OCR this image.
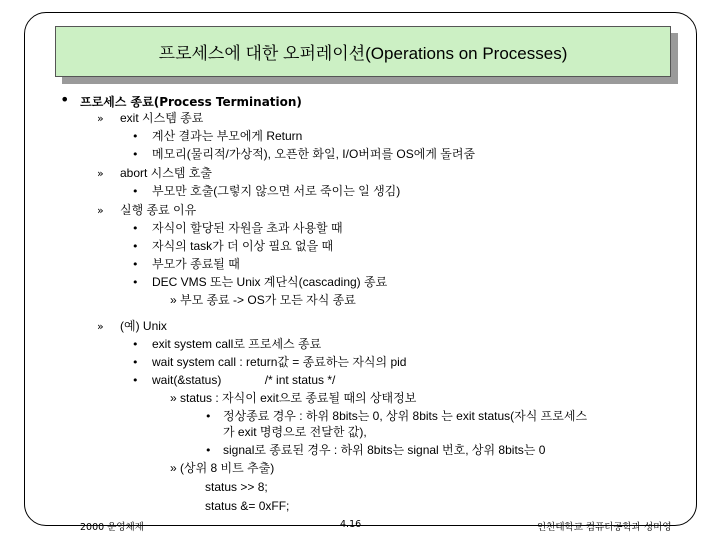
프로세스에 대한 오퍼레이션(Operations on Processes)
• 프로세스 종료(Process Termination)
» exit 시스템 종료
• 계산 결과는 부모에게 Return
• 메모리(물리적/가상적), 오픈한 화일, I/O버퍼를 OS에게 돌려줌
» abort 시스템 호출
• 부모만 호출(그렇지 않으면 서로 죽이는 일 생김)
» 실행 종료 이유
• 자식이 할당된 자원을 초과 사용할 때
• 자식의 task가 더 이상 필요 없을 때
• 부모가 종료될 때
• DEC VMS 또는 Unix 계단식(cascading) 종료
» 부모 종료 -> OS가 모든 자식 종료
» (예) Unix
• exit system call로 프로세스 종료
• wait system call : return값 = 종료하는 자식의 pid
• wait(&status)             /* int status */
» status : 자식이 exit으로 종료될 때의 상태정보
• 정상종료 경우 : 하위 8bits는 0, 상위 8bits 는 exit status(자식 프로세스
가 exit 명령으로 전달한 값),
• signal로 종료된 경우 : 하위 8bits는 signal 번호, 상위 8bits는 0
» (상위 8 비트 추출)
status >> 8;
status &= 0xFF;
2000 운영체제	4.16	인천대학교 컴퓨터공학과 성미영
